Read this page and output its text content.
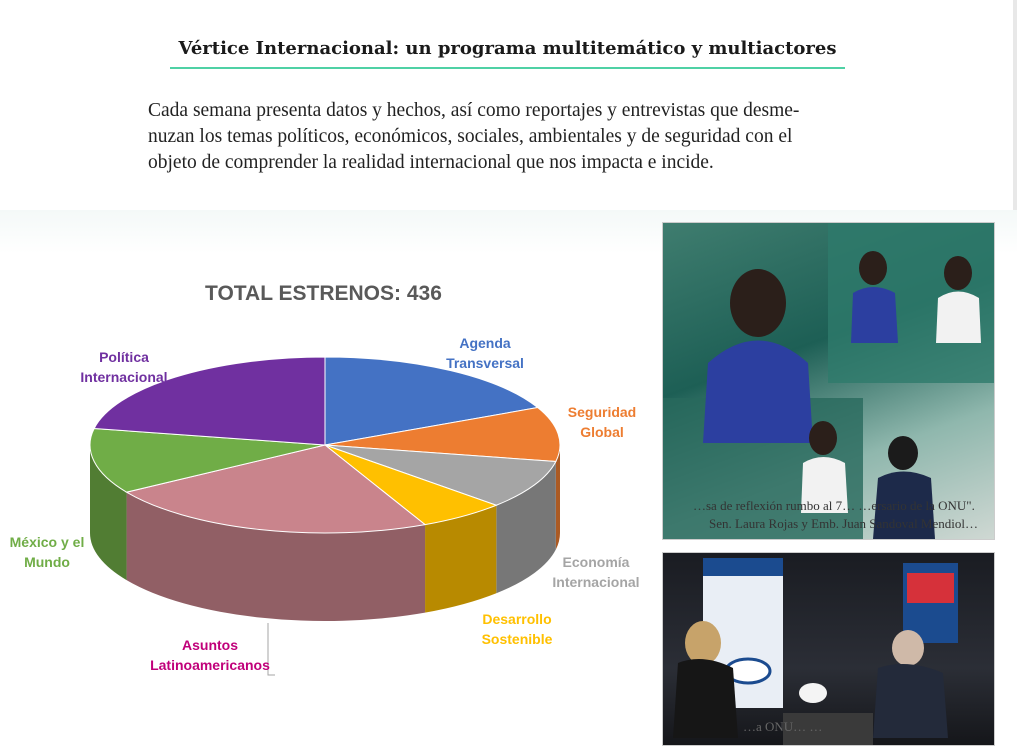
Vértice Internacional: un programa multitemático y multiactores
Cada semana presenta datos y hechos, así como reportajes y entrevistas que desme-
nuzan los temas políticos, económicos, sociales, ambientales y de seguridad con el
objeto de comprender la realidad internacional que nos impacta e incide.
TOTAL ESTRENOS: 436
Agenda
Transversal
Seguridad
Global
Economía
Internacional
Desarrollo
Sostenible
Asuntos
Latinoamericanos
México y el
Mundo
Política
Internacional
…sa de reflexión rumbo al 7… …ersario de la ONU".
Sen. Laura Rojas y Emb. Juan Sandoval Mendiol…
…a ONU… …
